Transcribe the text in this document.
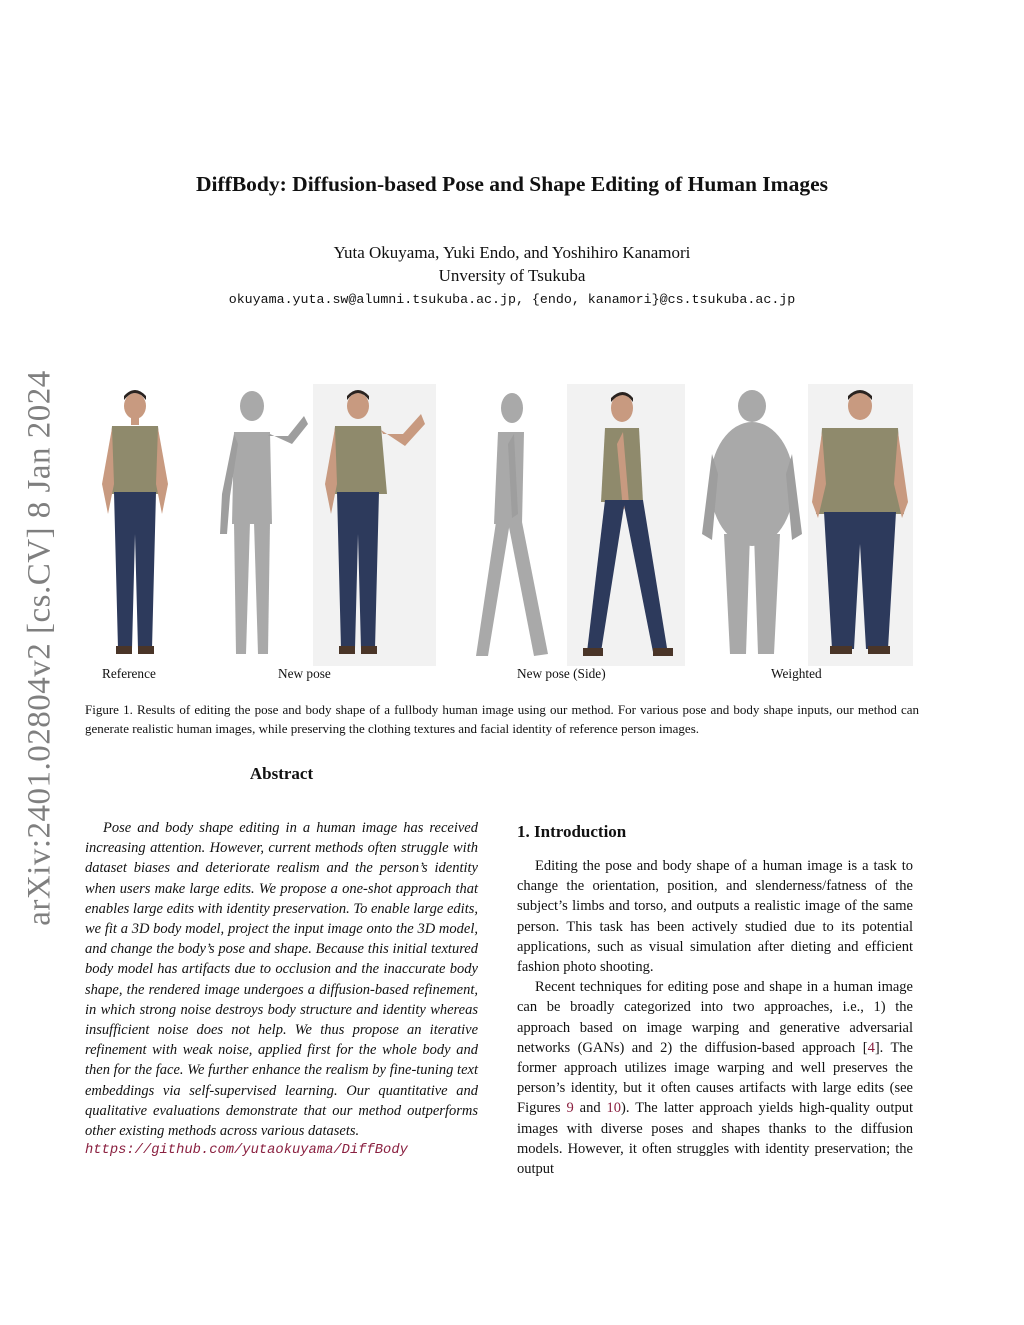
arXiv:2401.02804v2 [cs.CV] 8 Jan 2024
DiffBody: Diffusion-based Pose and Shape Editing of Human Images
Yuta Okuyama, Yuki Endo, and Yoshihiro Kanamori
Unversity of Tsukuba
okuyama.yuta.sw@alumni.tsukuba.ac.jp, {endo, kanamori}@cs.tsukuba.ac.jp
Reference	New pose	New pose (Side)	Weighted
Figure 1. Results of editing the pose and body shape of a fullbody human image using our method. For various pose and body shape inputs, our method can generate realistic human images, while preserving the clothing textures and facial identity of reference person images.
Abstract

Pose and body shape editing in a human image has received increasing attention. However, current methods often struggle with dataset biases and deteriorate realism and the person’s identity when users make large edits. We propose a one-shot approach that enables large edits with identity preservation. To enable large edits, we fit a 3D body model, project the input image onto the 3D model, and change the body’s pose and shape. Because this initial textured body model has artifacts due to occlusion and the inaccurate body shape, the rendered image undergoes a diffusion-based refinement, in which strong noise destroys body structure and identity whereas insufficient noise does not help. We thus propose an iterative refinement with weak noise, applied first for the whole body and then for the face. We further enhance the realism by fine-tuning text embeddings via self-supervised learning. Our quantitative and qualitative evaluations demonstrate that our method outperforms other existing methods across various datasets.
https://github.com/yutaokuyama/DiffBody

1. Introduction

Editing the pose and body shape of a human image is a task to change the orientation, position, and slenderness/fatness of the subject’s limbs and torso, and outputs a realistic image of the same person. This task has been actively studied due to its potential applications, such as visual simulation after dieting and efficient fashion photo shooting.

Recent techniques for editing pose and shape in a human image can be broadly categorized into two approaches, i.e., 1) the approach based on image warping and generative adversarial networks (GANs) and 2) the diffusion-based approach [4]. The former approach utilizes image warping and well preserves the person’s identity, but it often causes artifacts with large edits (see Figures 9 and 10). The latter approach yields high-quality output images with diverse poses and shapes thanks to the diffusion models. However, it often struggles with identity preservation; the output
